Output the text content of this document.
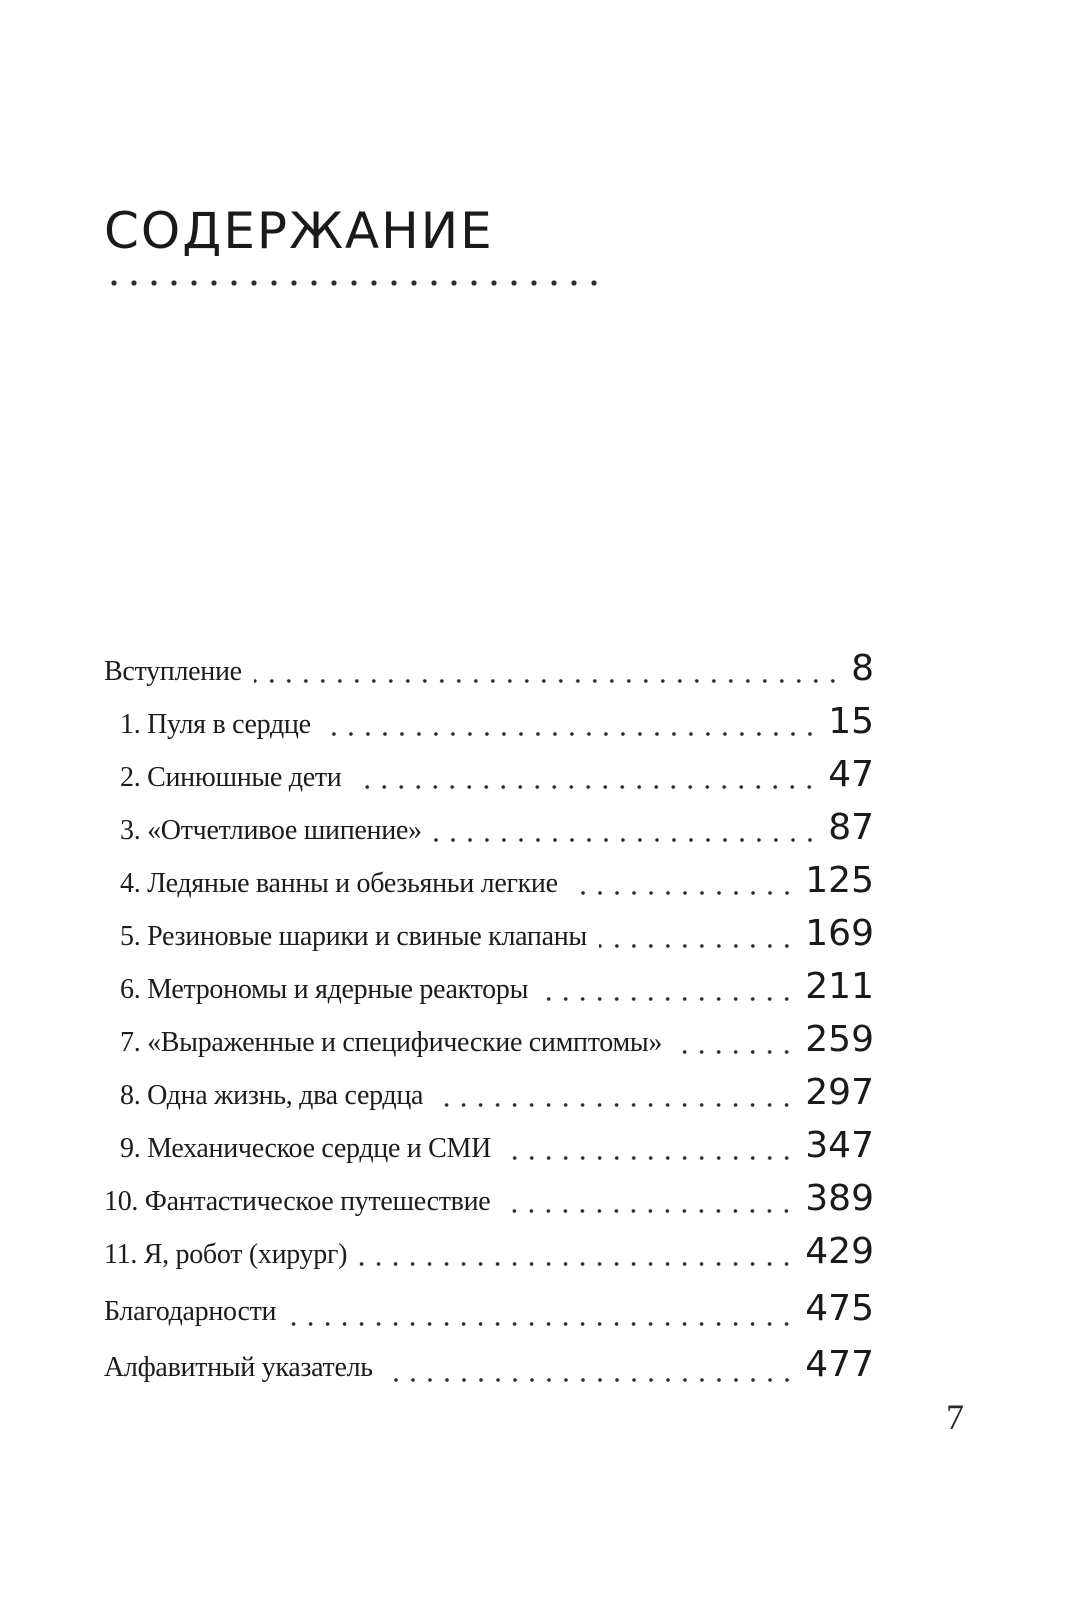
СОДЕРЖАНИЕ
Вступление	8
1. Пуля в сердце	15
2. Синюшные дети	47
3. «Отчетливое шипение»	87
4. Ледяные ванны и обезьяньи легкие	125
5. Резиновые шарики и свиные клапаны	169
6. Метрономы и ядерные реакторы	211
7. «Выраженные и специфические симптомы»	259
8. Одна жизнь, два сердца	297
9. Механическое сердце и СМИ	347
10. Фантастическое путешествие	389
11. Я, робот (хирург)	429
Благодарности	475
Алфавитный указатель	477
7
